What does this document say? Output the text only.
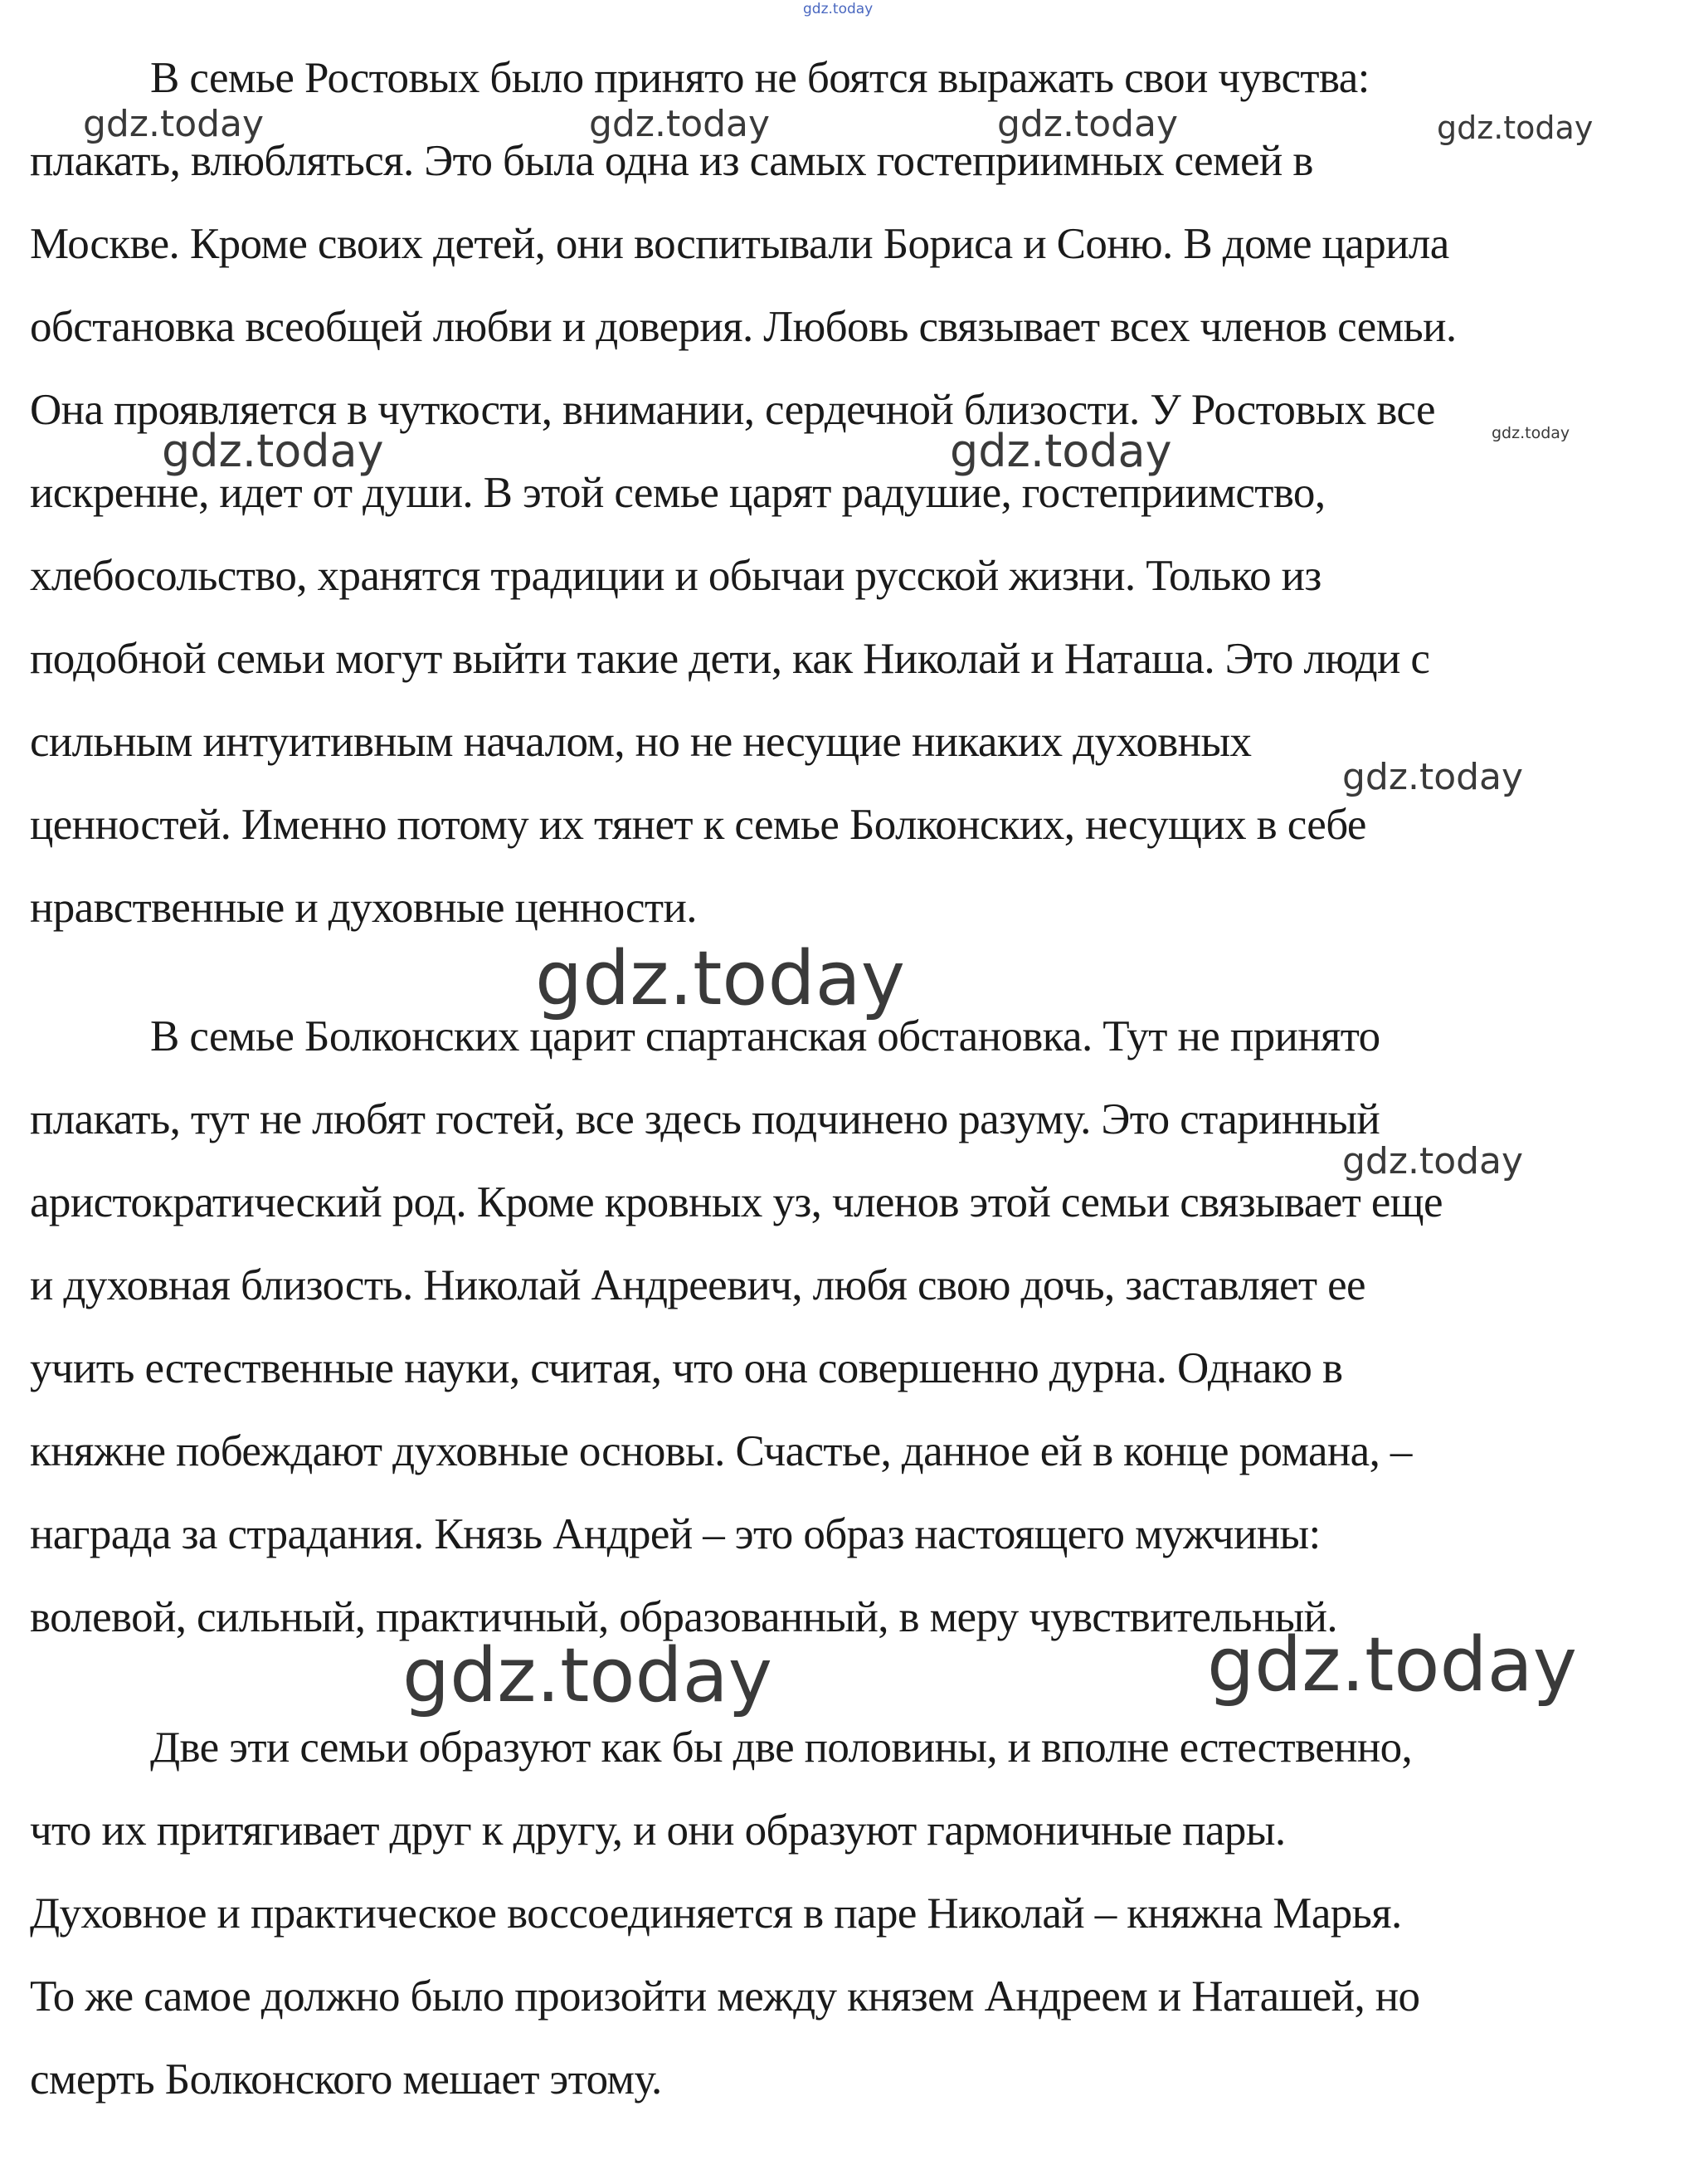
В семье Ростовых было принято не боятся выражать свои чувства:
плакать, влюбляться. Это была одна из самых гостеприимных семей в
Москве. Кроме своих детей, они воспитывали Бориса и Соню. В доме царила
обстановка всеобщей любви и доверия. Любовь связывает всех членов семьи.
Она проявляется в чуткости, внимании, сердечной близости. У Ростовых все
искренне, идет от души. В этой семье царят радушие, гостеприимство,
хлебосольство, хранятся традиции и обычаи русской жизни. Только из
подобной семьи могут выйти такие дети, как Николай и Наташа. Это люди с
сильным интуитивным началом, но не несущие никаких духовных
ценностей. Именно потому их тянет к семье Болконских, несущих в себе
нравственные и духовные ценности.
В семье Болконских царит спартанская обстановка. Тут не принято
плакать, тут не любят гостей, все здесь подчинено разуму. Это старинный
аристократический род. Кроме кровных уз, членов этой семьи связывает еще
и духовная близость. Николай Андреевич, любя свою дочь, заставляет ее
учить естественные науки, считая, что она совершенно дурна. Однако в
княжне побеждают духовные основы. Счастье, данное ей в конце романа, –
награда за страдания. Князь Андрей – это образ настоящего мужчины:
волевой, сильный, практичный, образованный, в меру чувствительный.
Две эти семьи образуют как бы две половины, и вполне естественно,
что их притягивает друг к другу, и они образуют гармоничные пары.
Духовное и практическое воссоединяется в паре Николай – княжна Марья.
То же самое должно было произойти между князем Андреем и Наташей, но
смерть Болконского мешает этому.
gdz.today
gdz.today	gdz.today	gdz.today	gdz.today
gdz.today	gdz.today	gdz.today
gdz.today
gdz.today
gdz.today
gdz.today	gdz.today
